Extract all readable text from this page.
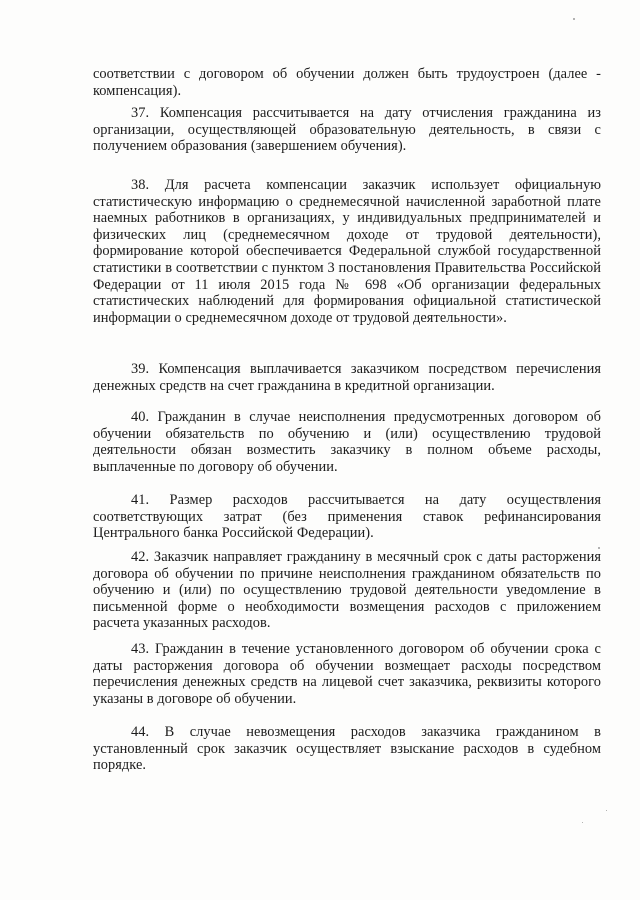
соответствии с договором об обучении должен быть трудоустроен (далее - компенсация).

37. Компенсация рассчитывается на дату отчисления гражданина из организации, осуществляющей образовательную деятельность, в связи с получением образования (завершением обучения).

38. Для расчета компенсации заказчик использует официальную статистическую информацию о среднемесячной начисленной заработной плате наемных работников в организациях, у индивидуальных предпринимателей и физических лиц (среднемесячном доходе от трудовой деятельности), формирование которой обеспечивается Федеральной службой государственной статистики в соответствии с пунктом 3 постановления Правительства Российской Федерации от 11 июля 2015 года № 698 «Об организации федеральных статистических наблюдений для формирования официальной статистической информации о среднемесячном доходе от трудовой деятельности».

39. Компенсация выплачивается заказчиком посредством перечисления денежных средств на счет гражданина в кредитной организации.

40. Гражданин в случае неисполнения предусмотренных договором об обучении обязательств по обучению и (или) осуществлению трудовой деятельности обязан возместить заказчику в полном объеме расходы, выплаченные по договору об обучении.

41. Размер расходов рассчитывается на дату осуществления соответствующих затрат (без применения ставок рефинансирования Центрального банка Российской Федерации).

42. Заказчик направляет гражданину в месячный срок с даты расторжения договора об обучении по причине неисполнения гражданином обязательств по обучению и (или) по осуществлению трудовой деятельности уведомление в письменной форме о необходимости возмещения расходов с приложением расчета указанных расходов.

43. Гражданин в течение установленного договором об обучении срока с даты расторжения договора об обучении возмещает расходы посредством перечисления денежных средств на лицевой счет заказчика, реквизиты которого указаны в договоре об обучении.

44. В случае невозмещения расходов заказчика гражданином в установленный срок заказчик осуществляет взыскание расходов в судебном порядке.
